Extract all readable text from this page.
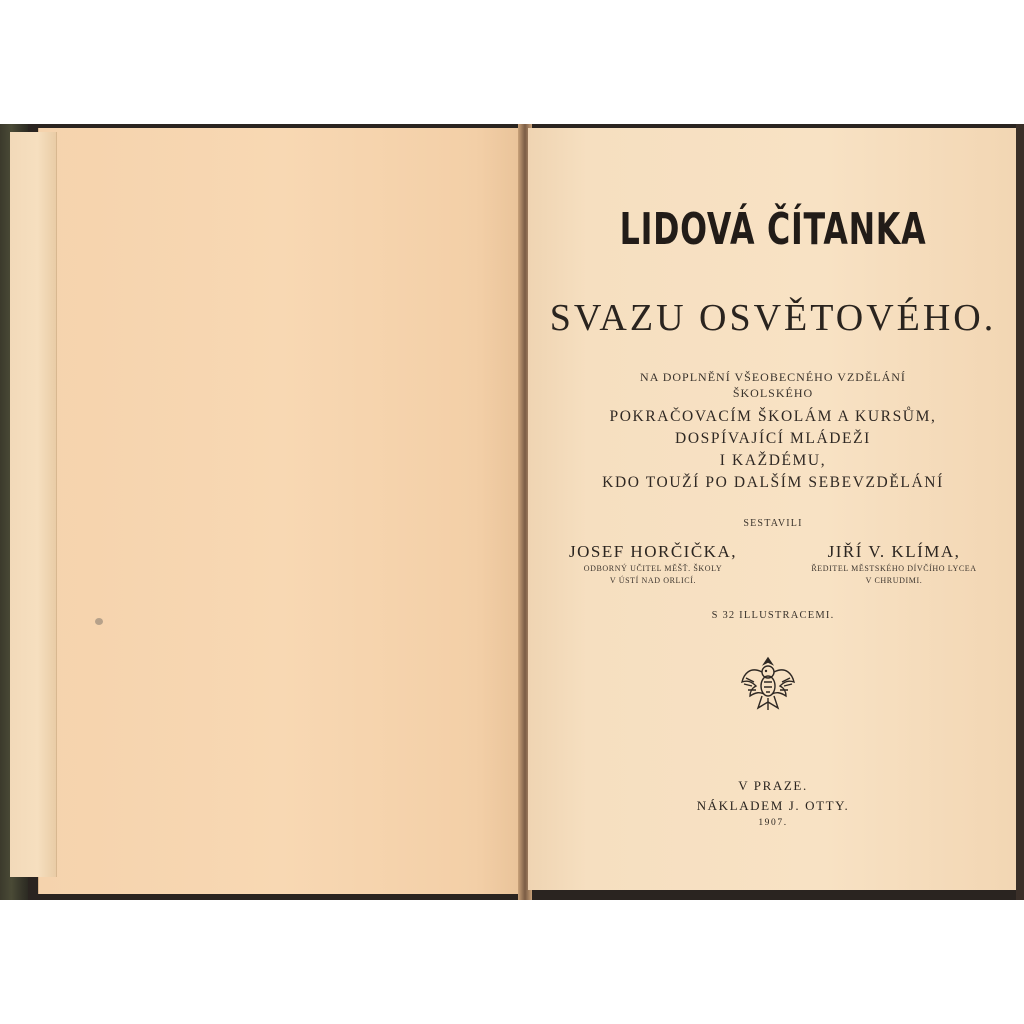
LIDOVÁ ČÍTANKA
SVAZU OSVĚTOVÉHO.
NA DOPLNĚNÍ VŠEOBECNÉHO VZDĚLÁNÍ
ŠKOLSKÉHO
POKRAČOVACÍM ŠKOLÁM A KURSŮM,
DOSPÍVAJÍCÍ MLÁDEŽI
I KAŽDÉMU,
KDO TOUŽÍ PO DALŠÍM SEBEVZDĚLÁNÍ
SESTAVILI
JOSEF HORČIČKA,
ODBORNÝ UČITEL MĚŠŤ. ŠKOLY
V ÚSTÍ NAD ORLICÍ.
JIŘÍ V. KLÍMA,
ŘEDITEL MĚSTSKÉHO DÍVČÍHO LYCEA
V CHRUDIMI.
S 32 ILLUSTRACEMI.
V PRAZE.
NÁKLADEM J. OTTY.
1907.
